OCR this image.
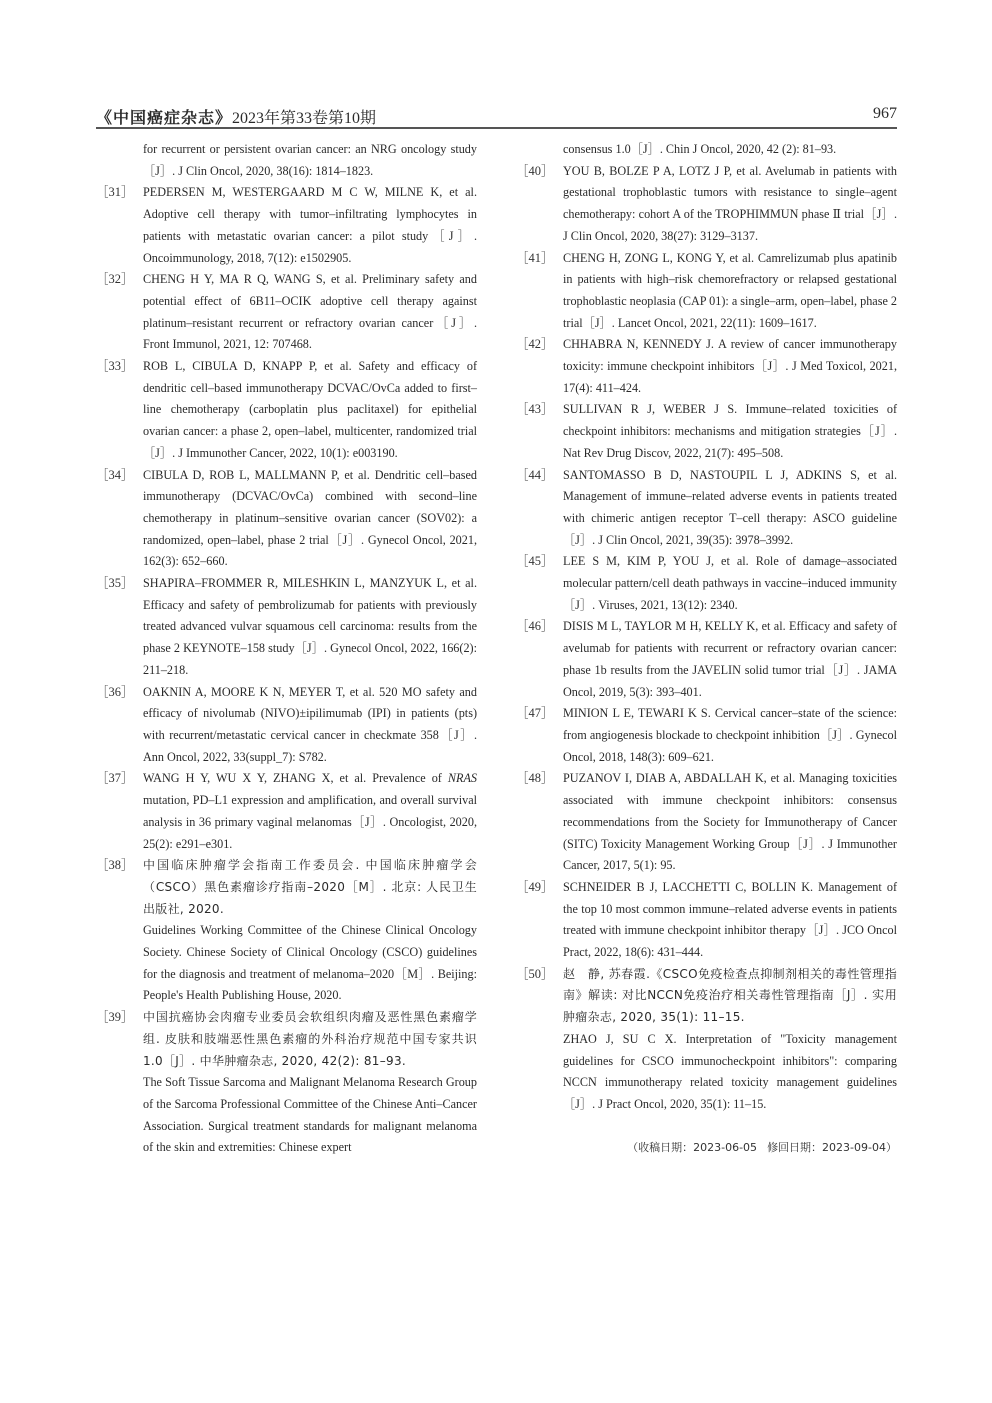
《中国癌症杂志》2023年第33卷第10期	967
for recurrent or persistent ovarian cancer: an NRG oncology study［J］. J Clin Oncol, 2020, 38(16): 1814–1823.
［31］ PEDERSEN M, WESTERGAARD M C W, MILNE K, et al. Adoptive cell therapy with tumor–infiltrating lymphocytes in patients with metastatic ovarian cancer: a pilot study［J］. Oncoimmunology, 2018, 7(12): e1502905.
［32］ CHENG H Y, MA R Q, WANG S, et al. Preliminary safety and potential effect of 6B11–OCIK adoptive cell therapy against platinum–resistant recurrent or refractory ovarian cancer［J］. Front Immunol, 2021, 12: 707468.
［33］ ROB L, CIBULA D, KNAPP P, et al. Safety and efficacy of dendritic cell–based immunotherapy DCVAC/OvCa added to first–line chemotherapy (carboplatin plus paclitaxel) for epithelial ovarian cancer: a phase 2, open–label, multicenter, randomized trial［J］. J Immunother Cancer, 2022, 10(1): e003190.
［34］ CIBULA D, ROB L, MALLMANN P, et al. Dendritic cell–based immunotherapy (DCVAC/OvCa) combined with second–line chemotherapy in platinum–sensitive ovarian cancer (SOV02): a randomized, open–label, phase 2 trial［J］. Gynecol Oncol, 2021, 162(3): 652–660.
［35］ SHAPIRA–FROMMER R, MILESHKIN L, MANZYUK L, et al. Efficacy and safety of pembrolizumab for patients with previously treated advanced vulvar squamous cell carcinoma: results from the phase 2 KEYNOTE–158 study［J］. Gynecol Oncol, 2022, 166(2): 211–218.
［36］ OAKNIN A, MOORE K N, MEYER T, et al. 520 MO safety and efficacy of nivolumab (NIVO)±ipilimumab (IPI) in patients (pts) with recurrent/metastatic cervical cancer in checkmate 358［J］. Ann Oncol, 2022, 33(suppl_7): S782.
［37］ WANG H Y, WU X Y, ZHANG X, et al. Prevalence of NRAS mutation, PD–L1 expression and amplification, and overall survival analysis in 36 primary vaginal melanomas［J］. Oncologist, 2020, 25(2): e291–e301.
［38］ 中国临床肿瘤学会指南工作委员会. 中国临床肿瘤学会（CSCO）黑色素瘤诊疗指南–2020［M］. 北京: 人民卫生出版社, 2020.
Guidelines Working Committee of the Chinese Clinical Oncology Society. Chinese Society of Clinical Oncology (CSCO) guidelines for the diagnosis and treatment of melanoma–2020［M］. Beijing: People's Health Publishing House, 2020.
［39］ 中国抗癌协会肉瘤专业委员会软组织肉瘤及恶性黑色素瘤学组. 皮肤和肢端恶性黑色素瘤的外科治疗规范中国专家共识1.0［J］. 中华肿瘤杂志, 2020, 42(2): 81–93.
The Soft Tissue Sarcoma and Malignant Melanoma Research Group of the Sarcoma Professional Committee of the Chinese Anti–Cancer Association. Surgical treatment standards for malignant melanoma of the skin and extremities: Chinese expert
consensus 1.0［J］. Chin J Oncol, 2020, 42 (2): 81–93.
［40］ YOU B, BOLZE P A, LOTZ J P, et al. Avelumab in patients with gestational trophoblastic tumors with resistance to single–agent chemotherapy: cohort A of the TROPHIMMUN phase Ⅱ trial［J］. J Clin Oncol, 2020, 38(27): 3129–3137.
［41］ CHENG H, ZONG L, KONG Y, et al. Camrelizumab plus apatinib in patients with high–risk chemorefractory or relapsed gestational trophoblastic neoplasia (CAP 01): a single–arm, open–label, phase 2 trial［J］. Lancet Oncol, 2021, 22(11): 1609–1617.
［42］ CHHABRA N, KENNEDY J. A review of cancer immunotherapy toxicity: immune checkpoint inhibitors［J］. J Med Toxicol, 2021, 17(4): 411–424.
［43］ SULLIVAN R J, WEBER J S. Immune–related toxicities of checkpoint inhibitors: mechanisms and mitigation strategies［J］. Nat Rev Drug Discov, 2022, 21(7): 495–508.
［44］ SANTOMASSO B D, NASTOUPIL L J, ADKINS S, et al. Management of immune–related adverse events in patients treated with chimeric antigen receptor T–cell therapy: ASCO guideline［J］. J Clin Oncol, 2021, 39(35): 3978–3992.
［45］ LEE S M, KIM P, YOU J, et al. Role of damage–associated molecular pattern/cell death pathways in vaccine–induced immunity［J］. Viruses, 2021, 13(12): 2340.
［46］ DISIS M L, TAYLOR M H, KELLY K, et al. Efficacy and safety of avelumab for patients with recurrent or refractory ovarian cancer: phase 1b results from the JAVELIN solid tumor trial［J］. JAMA Oncol, 2019, 5(3): 393–401.
［47］ MINION L E, TEWARI K S. Cervical cancer–state of the science: from angiogenesis blockade to checkpoint inhibition［J］. Gynecol Oncol, 2018, 148(3): 609–621.
［48］ PUZANOV I, DIAB A, ABDALLAH K, et al. Managing toxicities associated with immune checkpoint inhibitors: consensus recommendations from the Society for Immunotherapy of Cancer (SITC) Toxicity Management Working Group［J］. J Immunother Cancer, 2017, 5(1): 95.
［49］ SCHNEIDER B J, LACCHETTI C, BOLLIN K. Management of the top 10 most common immune–related adverse events in patients treated with immune checkpoint inhibitor therapy［J］. JCO Oncol Pract, 2022, 18(6): 431–444.
［50］ 赵　静, 苏春霞.《CSCO免疫检查点抑制剂相关的毒性管理指南》解读: 对比NCCN免疫治疗相关毒性管理指南［J］. 实用肿瘤杂志, 2020, 35(1): 11–15.
ZHAO J, SU C X. Interpretation of "Toxicity management guidelines for CSCO immunocheckpoint inhibitors": comparing NCCN immunotherapy related toxicity management guidelines［J］. J Pract Oncol, 2020, 35(1): 11–15.
（收稿日期：2023-06-05 修回日期：2023-09-04）
